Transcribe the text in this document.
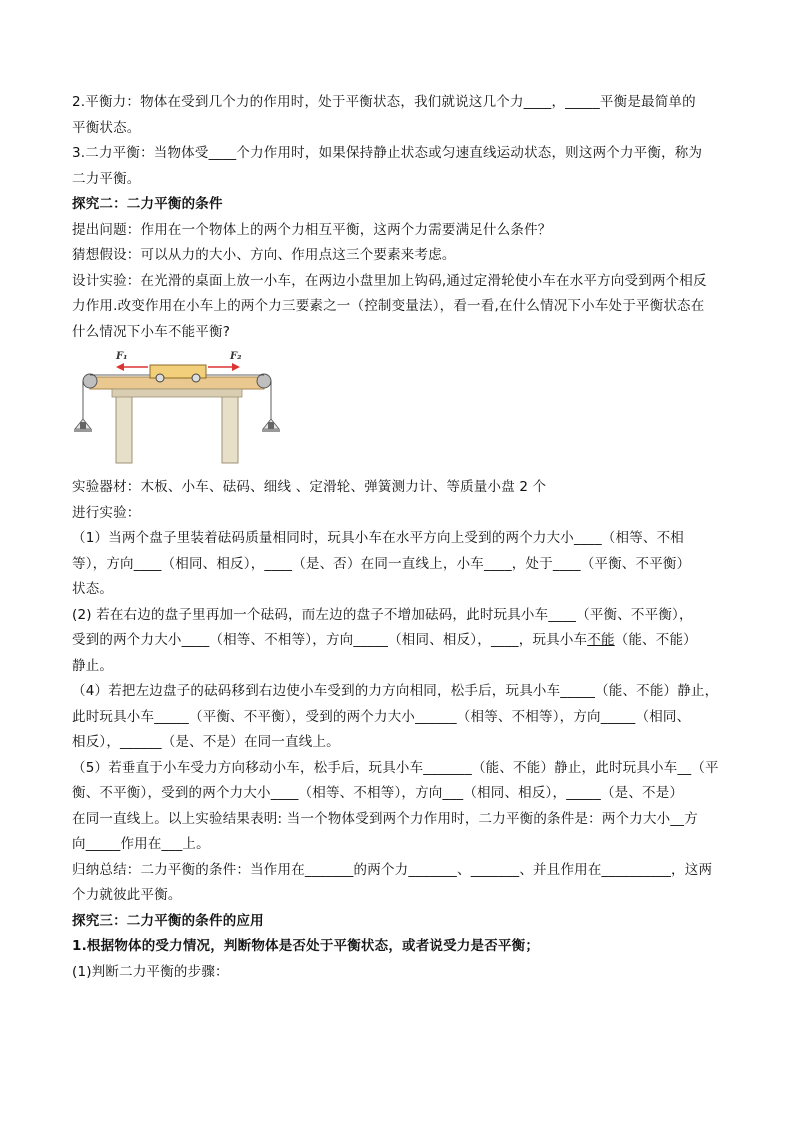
2.平衡力：物体在受到几个力的作用时，处于平衡状态，我们就说这几个力____，_____平衡是最简单的

平衡状态。

3.二力平衡：当物体受____个力作用时，如果保持静止状态或匀速直线运动状态，则这两个力平衡，称为

二力平衡。

探究二：二力平衡的条件

提出问题：作用在一个物体上的两个力相互平衡，这两个力需要满足什么条件？

猜想假设：可以从力的大小、方向、作用点这三个要素来考虑。

设计实验：在光滑的桌面上放一小车，在两边小盘里加上钩码,通过定滑轮使小车在水平方向受到两个相反

力作用.改变作用在小车上的两个力三要素之一（控制变量法），看一看,在什么情况下小车处于平衡状态在

什么情况下小车不能平衡?

F₁	F₂

实验器材：木板、小车、砝码、细线 、定滑轮、弹簧测力计、等质量小盘 2 个

进行实验：

（1）当两个盘子里装着砝码质量相同时，玩具小车在水平方向上受到的两个力大小____（相等、不相

等），方向____（相同、相反），____（是、否）在同一直线上，小车____，处于____（平衡、不平衡）

状态。

(2) 若在右边的盘子里再加一个砝码，而左边的盘子不增加砝码，此时玩具小车____（平衡、不平衡），

受到的两个力大小____（相等、不相等），方向_____（相同、相反），____，玩具小车不能（能、不能）

静止。

（4）若把左边盘子的砝码移到右边使小车受到的力方向相同，松手后，玩具小车_____（能、不能）静止，

此时玩具小车_____（平衡、不平衡），受到的两个力大小______（相等、不相等），方向_____（相同、

相反），______（是、不是）在同一直线上。

（5）若垂直于小车受力方向移动小车，松手后，玩具小车_______（能、不能）静止，此时玩具小车__（平

衡、不平衡），受到的两个力大小____（相等、不相等），方向___（相同、相反），_____（是、不是）

在同一直线上。以上实验结果表明: 当一个物体受到两个力作用时，二力平衡的条件是：两个力大小__方

向_____作用在___上。

归纳总结：二力平衡的条件：当作用在_______的两个力_______、_______、并且作用在__________，这两

个力就彼此平衡。

探究三：二力平衡的条件的应用

1.根据物体的受力情况，判断物体是否处于平衡状态，或者说受力是否平衡；

(1)判断二力平衡的步骤：
